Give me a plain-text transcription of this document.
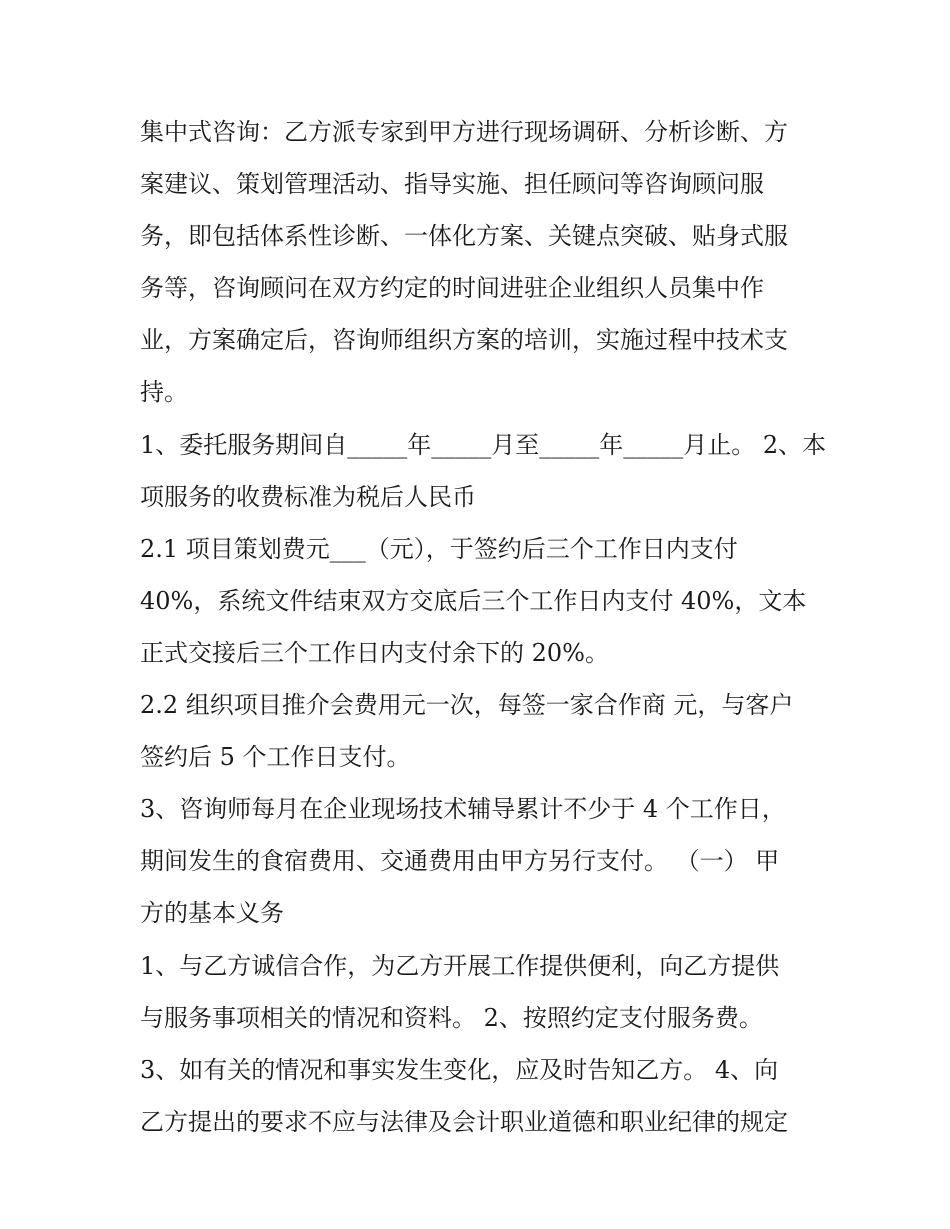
集中式咨询：乙方派专家到甲方进行现场调研、分析诊断、方
案建议、策划管理活动、指导实施、担任顾问等咨询顾问服
务，即包括体系性诊断、一体化方案、关键点突破、贴身式服
务等，咨询顾问在双方约定的时间进驻企业组织人员集中作
业，方案确定后，咨询师组织方案的培训，实施过程中技术支
持。
1、委托服务期间自_____年_____月至_____年_____月止。 2、本
项服务的收费标准为税后人民币
2.1 项目策划费元___（元），于签约后三个工作日内支付
40%，系统文件结束双方交底后三个工作日内支付 40%，文本
正式交接后三个工作日内支付余下的 20%。
2.2 组织项目推介会费用元一次，每签一家合作商 元，与客户
签约后 5 个工作日支付。
3、咨询师每月在企业现场技术辅导累计不少于 4 个工作日，
期间发生的食宿费用、交通费用由甲方另行支付。 （一） 甲
方的基本义务
1、与乙方诚信合作，为乙方开展工作提供便利，向乙方提供
与服务事项相关的情况和资料。 2、按照约定支付服务费。
3、如有关的情况和事实发生变化，应及时告知乙方。 4、向
乙方提出的要求不应与法律及会计职业道德和职业纪律的规定
